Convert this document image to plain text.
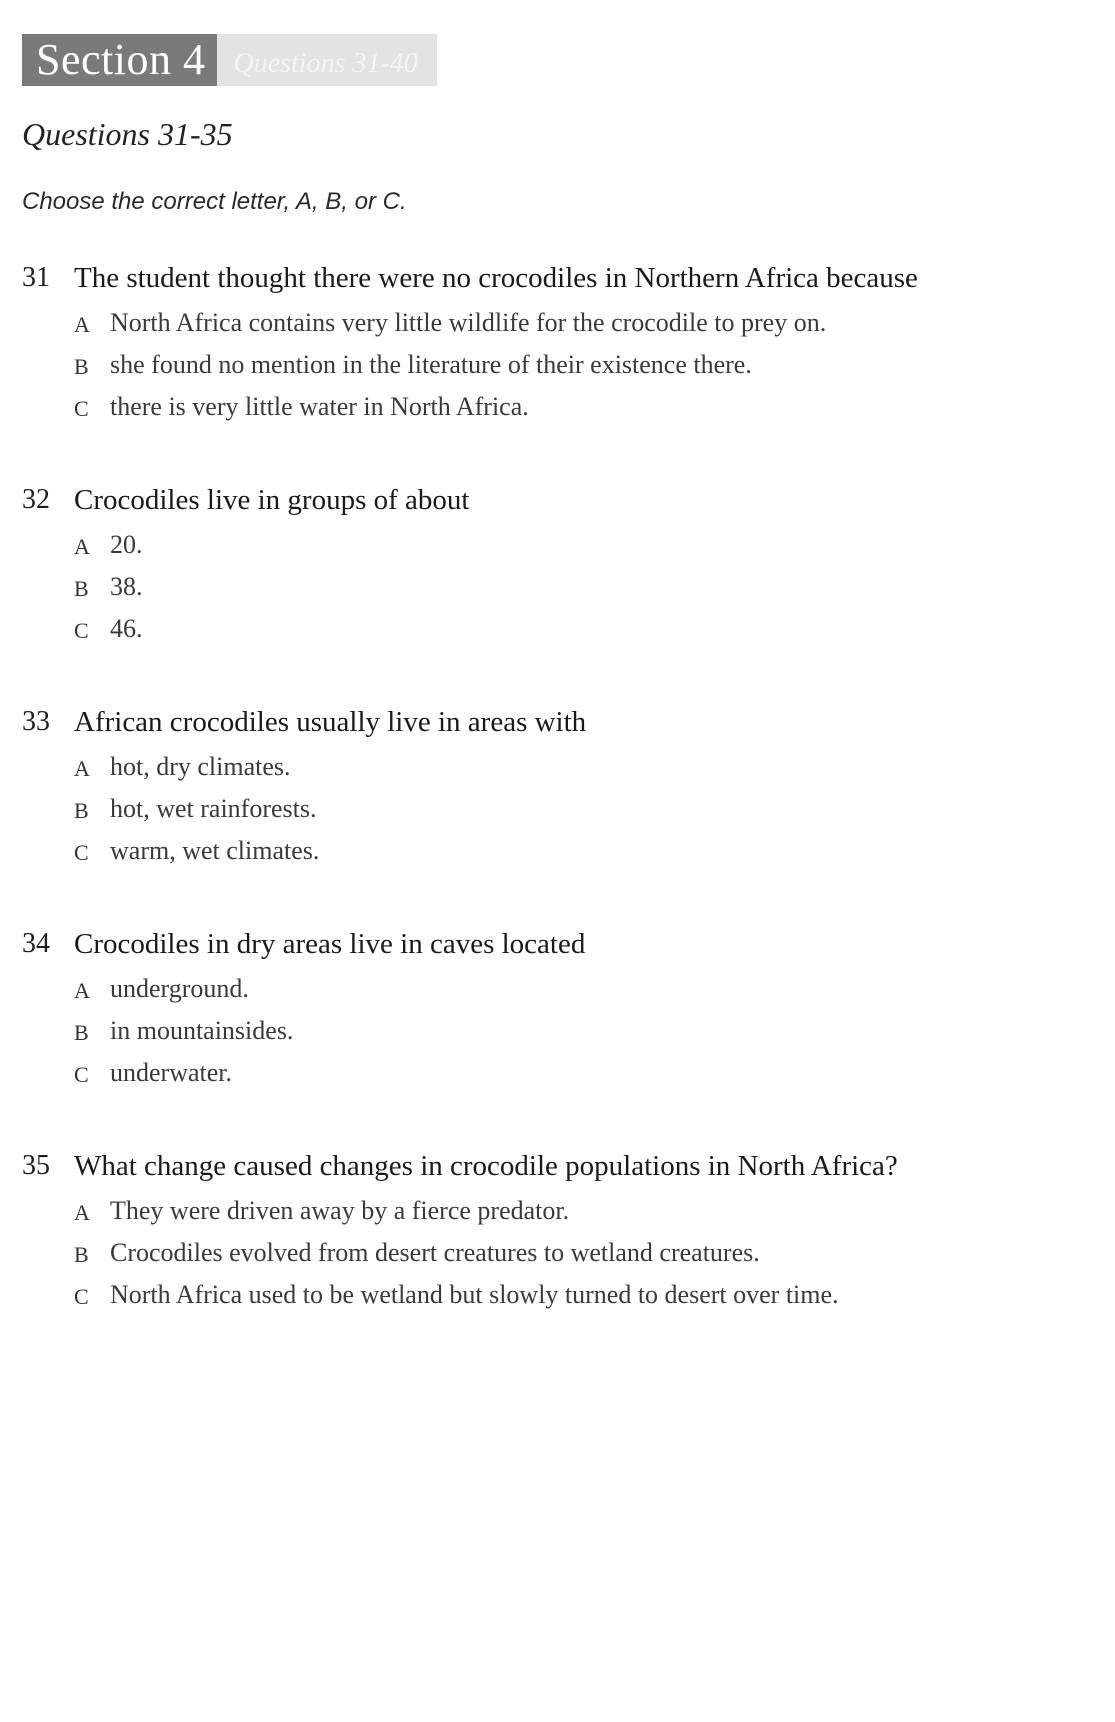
Section 4	Questions 31-40
Questions 31-35
Choose the correct letter, A, B, or C.
31 The student thought there were no crocodiles in Northern Africa because
A North Africa contains very little wildlife for the crocodile to prey on.
B she found no mention in the literature of their existence there.
C there is very little water in North Africa.
32 Crocodiles live in groups of about
A 20.
B 38.
C 46.
33 African crocodiles usually live in areas with
A hot, dry climates.
B hot, wet rainforests.
C warm, wet climates.
34 Crocodiles in dry areas live in caves located
A underground.
B in mountainsides.
C underwater.
35 What change caused changes in crocodile populations in North Africa?
A They were driven away by a fierce predator.
B Crocodiles evolved from desert creatures to wetland creatures.
C North Africa used to be wetland but slowly turned to desert over time.
